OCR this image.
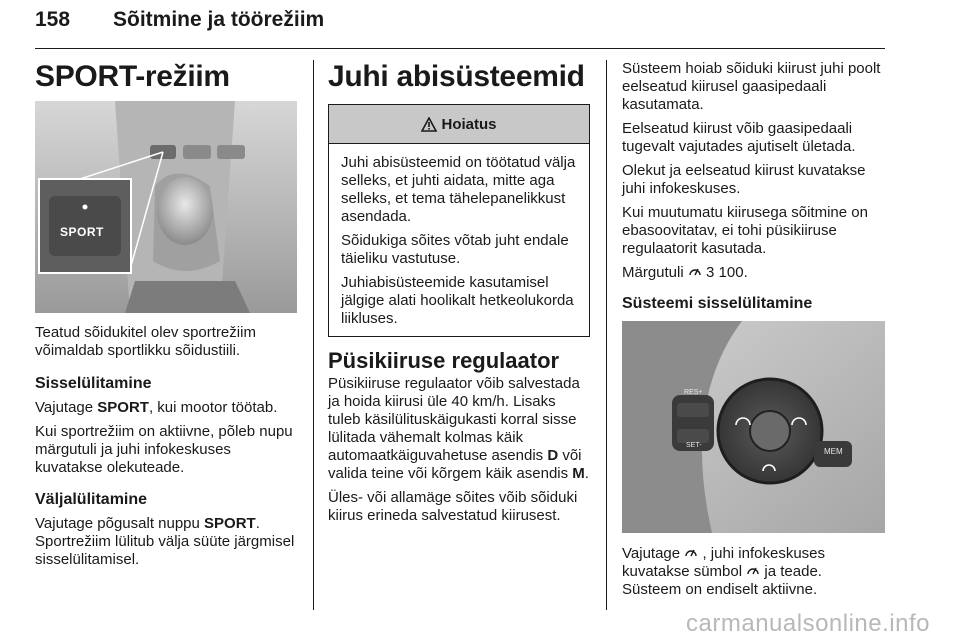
158 Sõitmine ja töörežiim
SPORT-režiim
SPORT

Teatud sõidukitel olev sportrežiim võimaldab sportlikku sõidustiili.

Sisselülitamine

Vajutage SPORT, kui mootor töötab.

Kui sportrežiim on aktiivne, põleb nupu märgutuli ja juhi infokeskuses kuvatakse olekuteade.

Väljalülitamine

Vajutage põgusalt nuppu SPORT. Sportrežiim lülitub välja süüte järgmisel sisselülitamisel.

Juhi abisüsteemid
Hoiatus

Juhi abisüsteemid on töötatud välja selleks, et juhti aidata, mitte aga selleks, et tema tähelepanelikkust asendada.

Sõidukiga sõites võtab juht endale täieliku vastutuse.

Juhiabisüsteemide kasutamisel jälgige alati hoolikalt hetkeolukorda liikluses.

Püsikiiruse regulaator

Püsikiiruse regulaator võib salvestada ja hoida kiirusi üle 40 km/h. Lisaks tuleb käsilülituskäigukasti korral sisse lülitada vähemalt kolmas käik automaatkäiguvahetuse asendis D või valida teine või kõrgem käik asendis M.

Üles- või allamäge sõites võib sõiduki kiirus erineda salvestatud kiirusest.

Süsteem hoiab sõiduki kiirust juhi poolt eelseatud kiirusel gaasipedaali kasutamata.

Eelseatud kiirust võib gaasipedaali tugevalt vajutades ajutiselt ületada.

Olekut ja eelseatud kiirust kuvatakse juhi infokeskuses.

Kui muutumatu kiirusega sõitmine on ebasoovitatav, ei tohi püsikiiruse regulaatorit kasutada.

Märgutuli  3 100.

Süsteemi sisselülitamine
RES+
SET-
MEM

Vajutage  , juhi infokeskuses kuvatakse sümbol  ja teade. Süsteem on endiselt aktiivne.

carmanualsonline.info
